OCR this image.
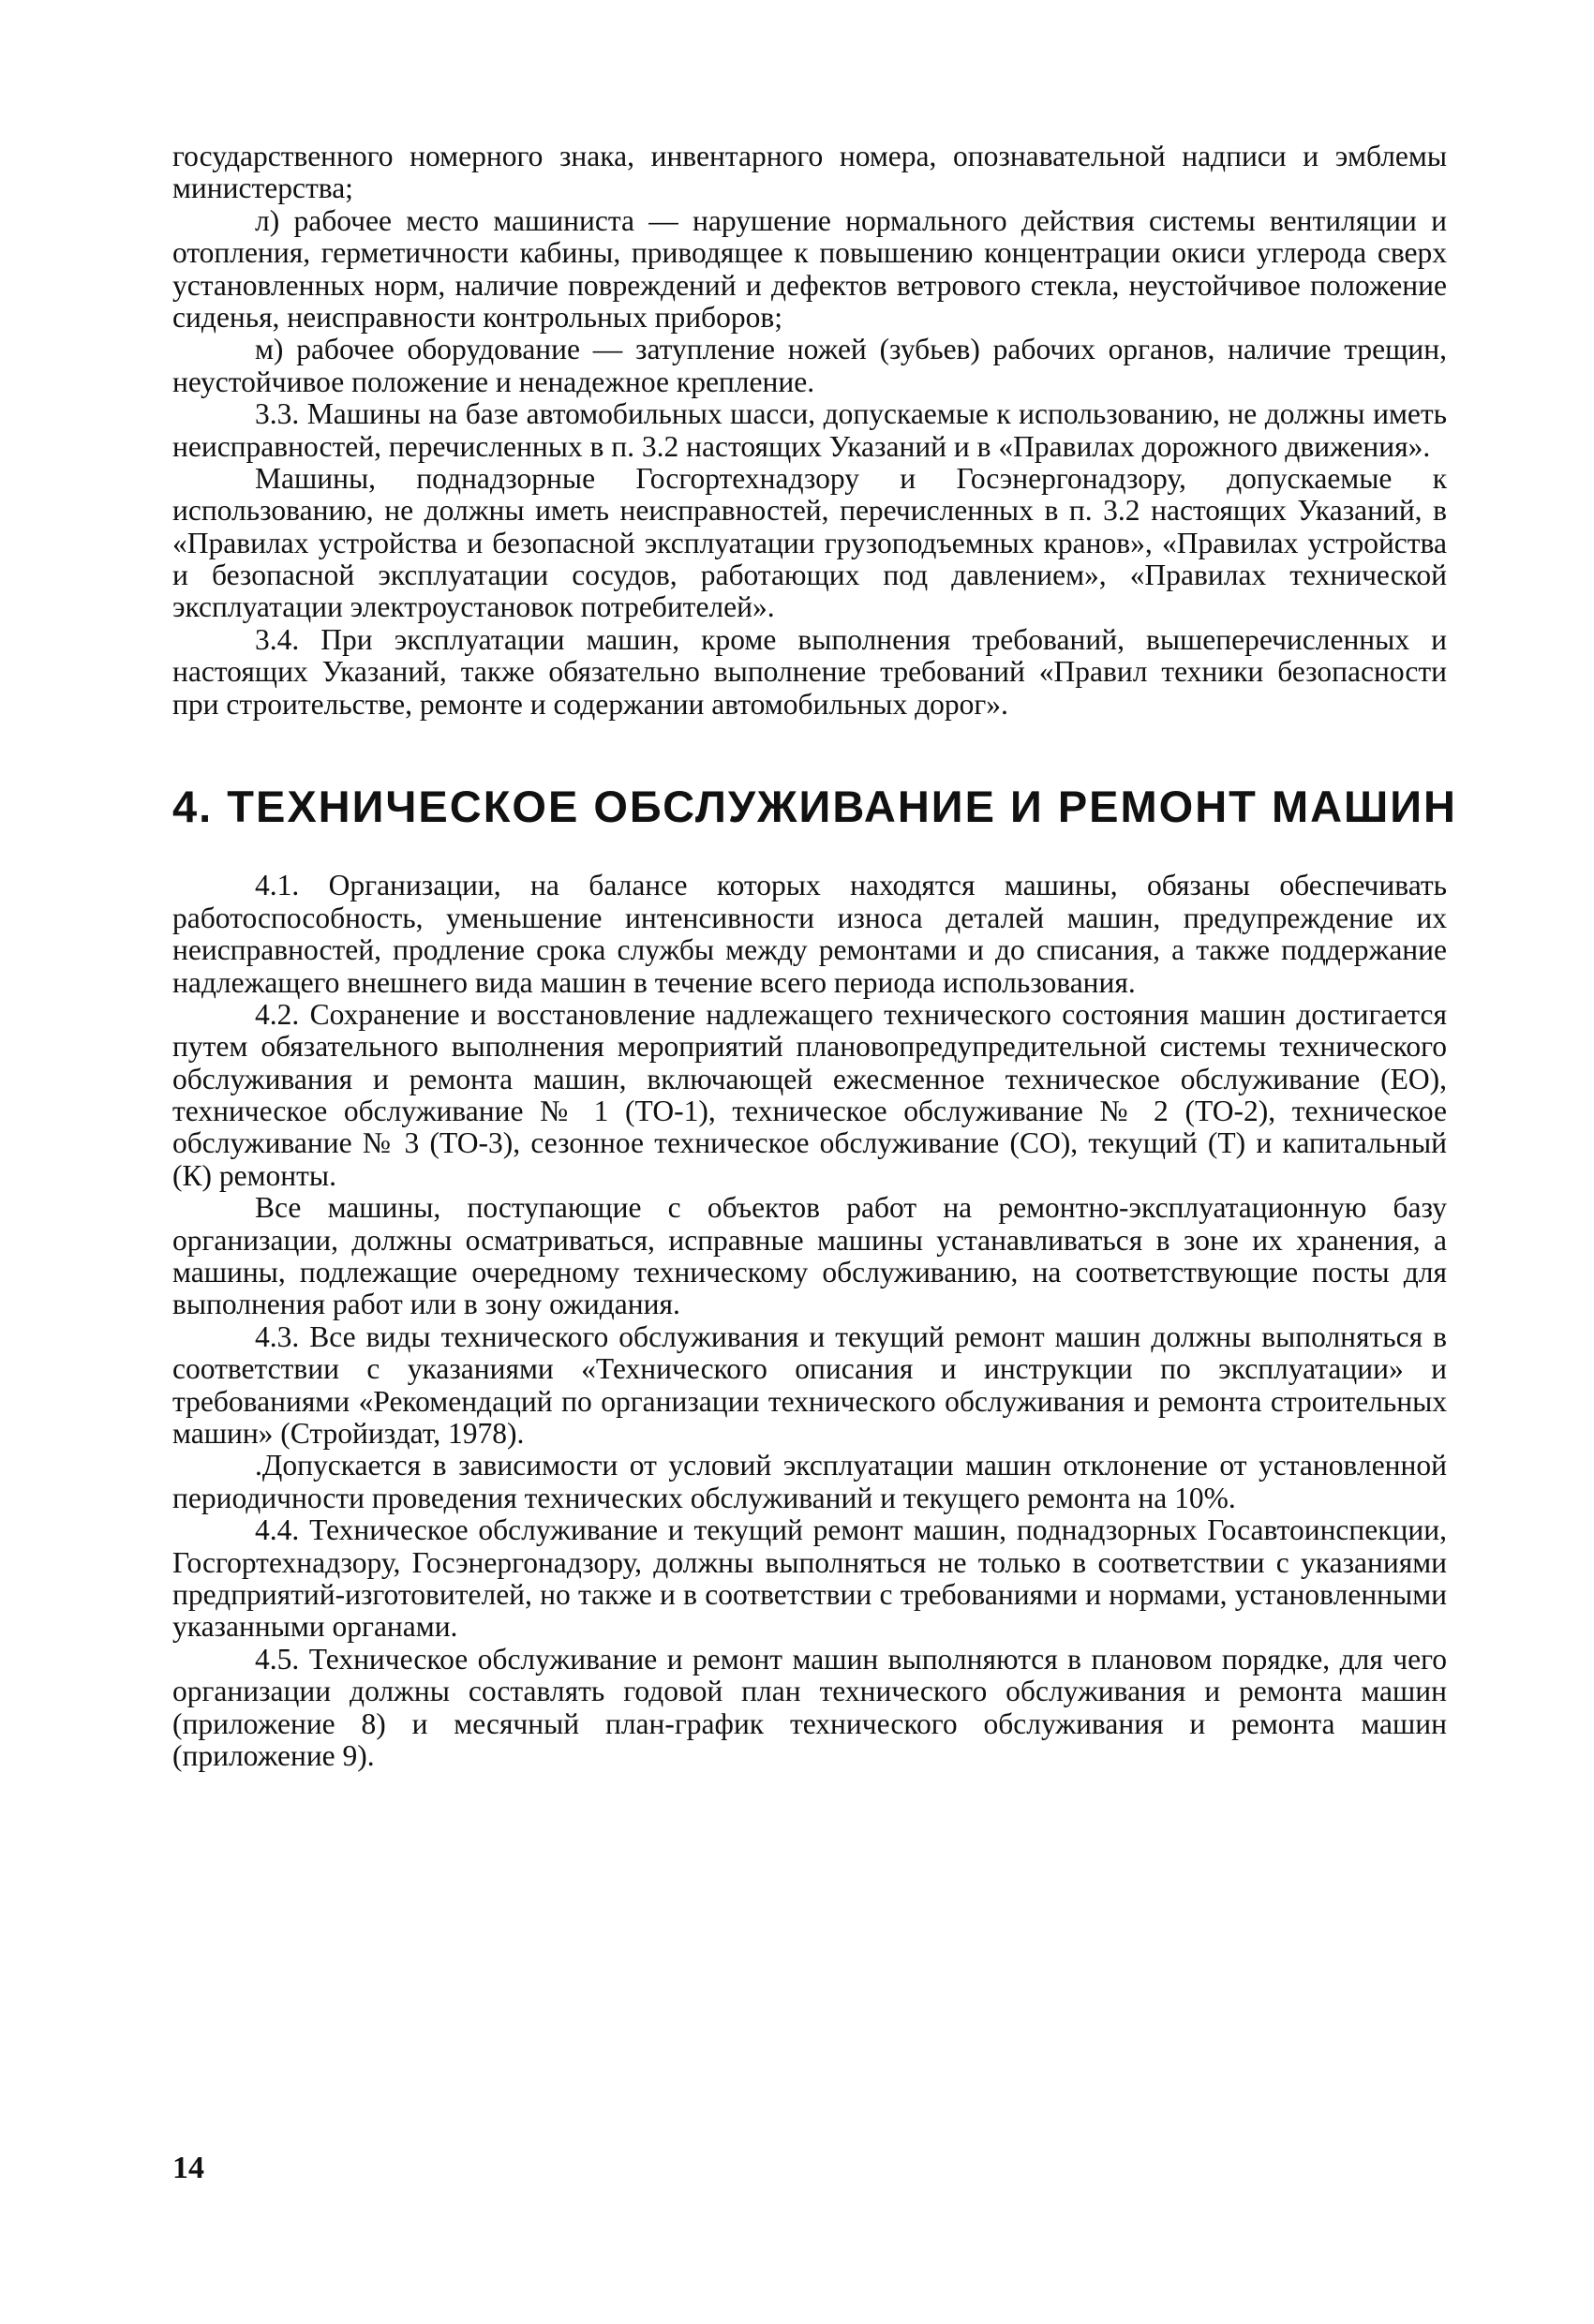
государственного номерного знака, инвентарного номера, опознавательной надписи и эмблемы министерства;

л) рабочее место машиниста — нарушение нормального действия системы вентиляции и отопления, герметичности кабины, приводящее к повышению концентрации окиси углерода сверх установленных норм, наличие повреждений и дефектов ветрового стекла, неустойчивое положение сиденья, неисправности контрольных приборов;

м) рабочее оборудование — затупление ножей (зубьев) рабочих органов, наличие трещин, неустойчивое положение и ненадежное крепление.

3.3. Машины на базе автомобильных шасси, допускаемые к использованию, не должны иметь неисправностей, перечисленных в п. 3.2 настоящих Указаний и в «Правилах дорожного движения».

Машины, поднадзорные Госгортехнадзору и Госэнергонадзору, допускаемые к использованию, не должны иметь неисправностей, перечисленных в п. 3.2 настоящих Указаний, в «Правилах устройства и безопасной эксплуатации грузоподъемных кранов», «Правилах устройства и безопасной эксплуатации сосудов, работающих под давлением», «Правилах технической эксплуатации электроустановок потребителей».

3.4. При эксплуатации машин, кроме выполнения требований, вышеперечисленных и настоящих Указаний, также обязательно выполнение требований «Правил техники безопасности при строительстве, ремонте и содержании автомобильных дорог».

4. ТЕХНИЧЕСКОЕ ОБСЛУЖИВАНИЕ И РЕМОНТ МАШИН

4.1. Организации, на балансе которых находятся машины, обязаны обеспечивать работоспособность, уменьшение интенсивности износа деталей машин, предупреждение их неисправностей, продление срока службы между ремонтами и до списания, а также поддержание надлежащего внешнего вида машин в течение всего периода использования.

4.2. Сохранение и восстановление надлежащего технического состояния машин достигается путем обязательного выполнения мероприятий плановопредупредительной системы технического обслуживания и ремонта машин, включающей ежесменное техническое обслуживание (ЕО), техническое обслуживание № 1 (ТО-1), техническое обслуживание № 2 (ТО-2), техническое обслуживание № 3 (ТО-3), сезонное техническое обслуживание (СО), текущий (Т) и капитальный (К) ремонты.

Все машины, поступающие с объектов работ на ремонтно-эксплуатационную базу организации, должны осматриваться, исправные машины устанавливаться в зоне их хранения, а машины, подлежащие очередному техническому обслуживанию, на соответствующие посты для выполнения работ или в зону ожидания.

4.3. Все виды технического обслуживания и текущий ремонт машин должны выполняться в соответствии с указаниями «Технического описания и инструкции по эксплуатации» и требованиями «Рекомендаций по организации технического обслуживания и ремонта строительных машин» (Стройиздат, 1978).

.Допускается в зависимости от условий эксплуатации машин отклонение от установленной периодичности проведения технических обслуживаний и текущего ремонта на 10%.

4.4. Техническое обслуживание и текущий ремонт машин, поднадзорных Госавтоинспекции, Госгортехнадзору, Госэнергонадзору, должны выполняться не только в соответствии с указаниями предприятий-изготовителей, но также и в соответствии с требованиями и нормами, установленными указанными органами.

4.5. Техническое обслуживание и ремонт машин выполняются в плановом порядке, для чего организации должны составлять годовой план технического обслуживания и ремонта машин (приложение 8) и месячный план-график технического обслуживания и ремонта машин (приложение 9).

14
